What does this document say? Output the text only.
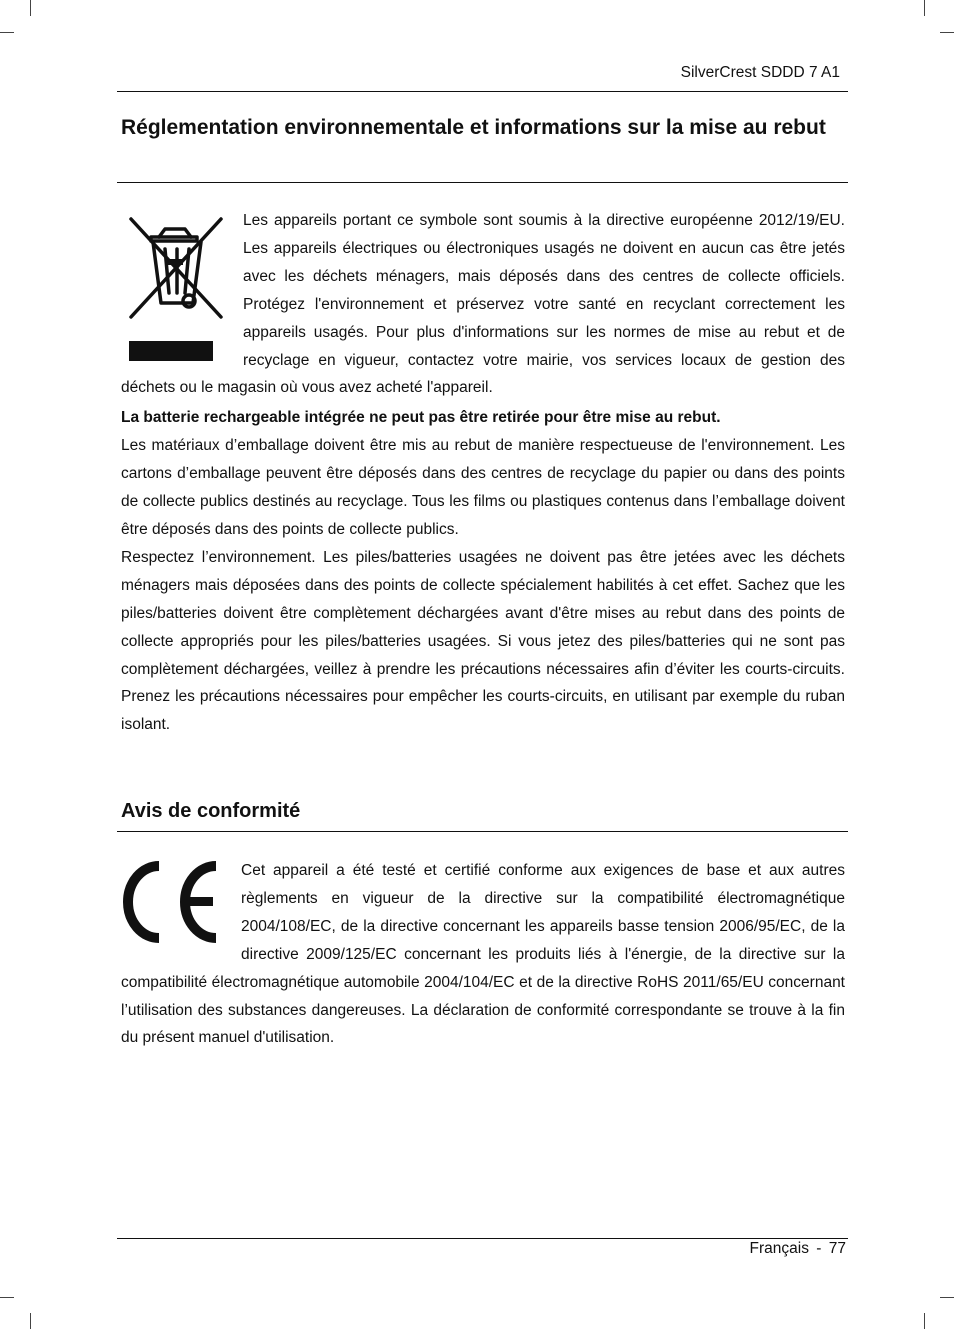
SilverCrest SDDD 7 A1
Réglementation environnementale et informations sur la mise au rebut

Les appareils portant ce symbole sont soumis à la directive européenne 2012/19/EU. Les appareils électriques ou électroniques usagés ne doivent en aucun cas être jetés avec les déchets ménagers, mais déposés dans des centres de collecte officiels. Protégez l'environnement et préservez votre santé en recyclant correctement les appareils usagés. Pour plus d'informations sur les normes de mise au rebut et de recyclage en vigueur, contactez votre mairie, vos services locaux de gestion des déchets ou le magasin où vous avez acheté l'appareil.

La batterie rechargeable intégrée ne peut pas être retirée pour être mise au rebut.

Les matériaux d’emballage doivent être mis au rebut de manière respectueuse de l'environnement. Les cartons d’emballage peuvent être déposés dans des centres de recyclage du papier ou dans des points de collecte publics destinés au recyclage. Tous les films ou plastiques contenus dans l’emballage doivent être déposés dans des points de collecte publics.

Respectez l’environnement. Les piles/batteries usagées ne doivent pas être jetées avec les déchets ménagers mais déposées dans des points de collecte spécialement habilités à cet effet. Sachez que les piles/batteries doivent être complètement déchargées avant d'être mises au rebut dans des points de collecte appropriés pour les piles/batteries usagées. Si vous jetez des piles/batteries qui ne sont pas complètement déchargées, veillez à prendre les précautions nécessaires afin d’éviter les courts-circuits. Prenez les précautions nécessaires pour empêcher les courts-circuits, en utilisant par exemple du ruban isolant.

Avis de conformité

Cet appareil a été testé et certifié conforme aux exigences de base et aux autres règlements en vigueur de la directive sur la compatibilité électromagnétique 2004/108/EC, de la directive concernant les appareils basse tension 2006/95/EC, de la directive 2009/125/EC concernant les produits liés à l'énergie, de la directive sur la compatibilité électromagnétique automobile 2004/104/EC et de la directive RoHS 2011/65/EU concernant l’utilisation des substances dangereuses. La déclaration de conformité correspondante se trouve à la fin du présent manuel d'utilisation.

Français - 77
